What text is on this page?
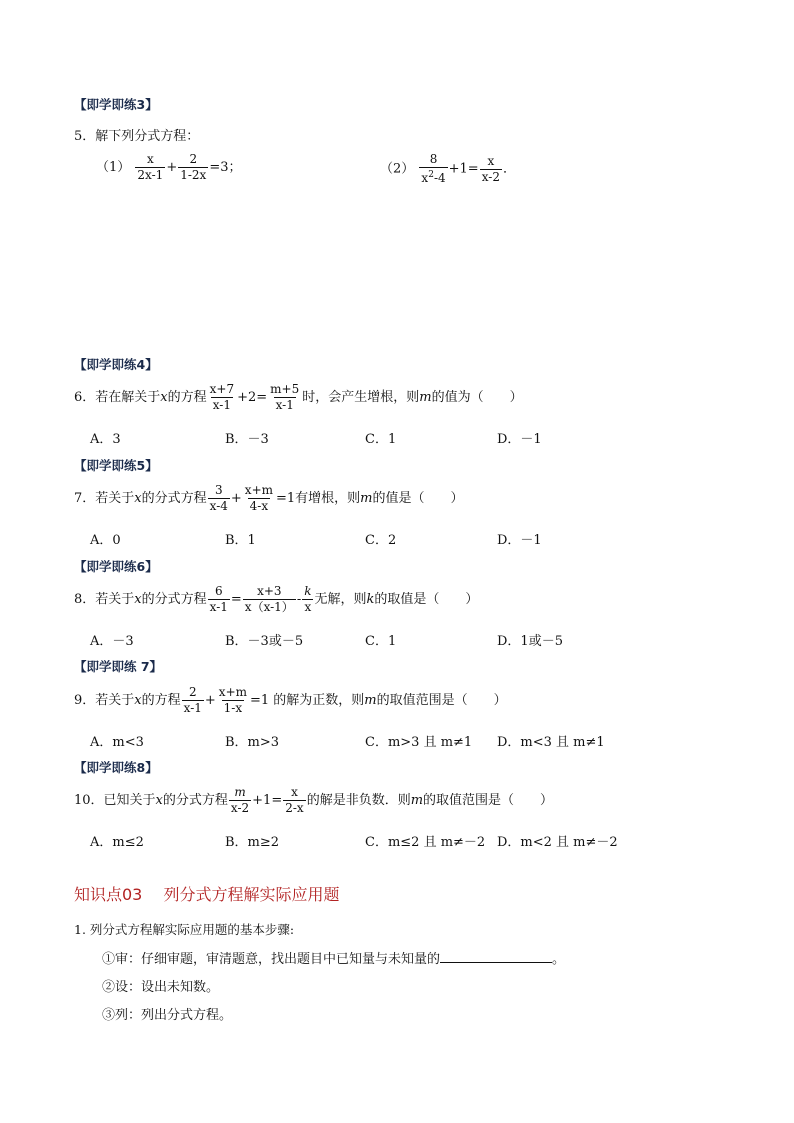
【即学即练3】
5．解下列分式方程：
$(1) \frac{x}{2x-1} + \frac{2}{1-2x} =3$；	$(2) \frac{8}{x^2-4} +1= \frac{x}{x-2}$ ．
【即学即练4】
6．若在解关于x的方程 $\frac{x+7}{x-1} +2= \frac{m+5}{x-1}$ 时，会产生增根，则m的值为（　　）
A．3	B．－3	C．1	D．－1
【即学即练5】
7．若关于x的分式方程 $\frac{3}{x-4} + \frac{x+m}{4-x} =1$有增根，则m的值是（　　）
A．0	B．1	C．2	D．－1
【即学即练6】
8．若关于x的分式方程 $\frac{6}{x-1} = \frac{x+3}{x(x-1)} - \frac{k}{x}$ 无解，则k的取值是（　　）
A．－3	B．－3或－5	C．1	D．1或－5
【即学即练 7】
9．若关于x的方程 $\frac{2}{x-1} + \frac{x+m}{1-x} =1$ 的解为正数，则m的取值范围是（　　）
A．m<3	B．m>3	C．m>3 且 m≠1 D．m<3 且 m≠1
【即学即练8】
10．已知关于x的分式方程 $\frac{m}{x-2} +1= \frac{x}{2-x}$ 的解是非负数．则m的取值范围是（　　）
A．m≤2	B．m≥2	C．m≤2 且 m≠－2 D．m<2 且 m≠－2
知识点03　 列分式方程解实际应用题
1. 列分式方程解实际应用题的基本步骤:
①审：仔细审题，审清题意，找出题目中已知量与未知量的	。
②设：设出未知数。
③列：列出分式方程。
